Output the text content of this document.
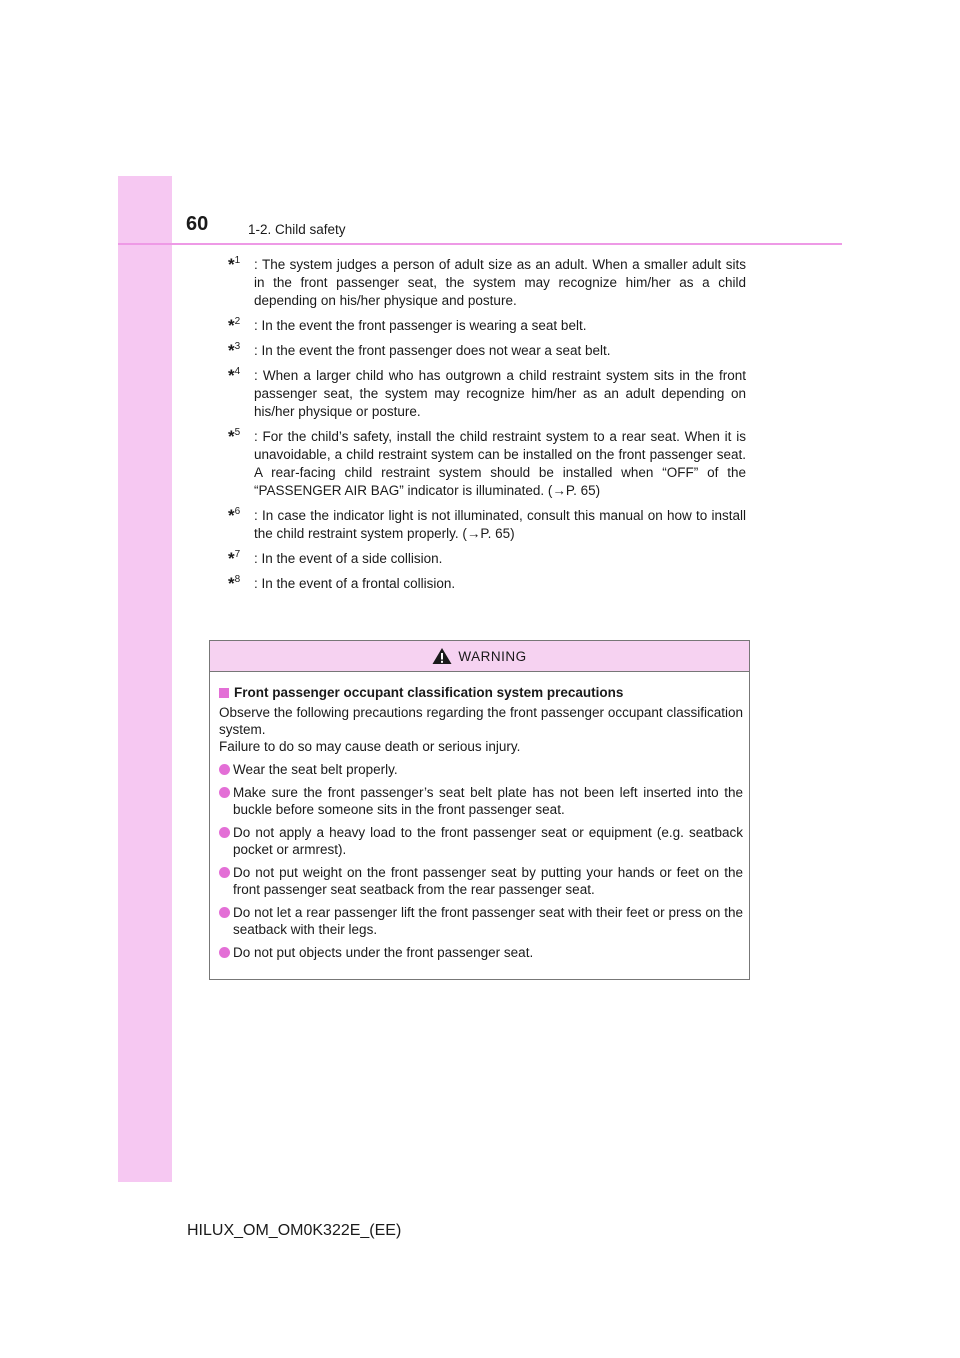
60	1-2. Child safety
*$^1$ : The system judges a person of adult size as an adult. When a smaller adult sits in the front passenger seat, the system may recognize him/her as a child depending on his/her physique and posture.
*$^2$ : In the event the front passenger is wearing a seat belt.
*$^3$ : In the event the front passenger does not wear a seat belt.
*$^4$ : When a larger child who has outgrown a child restraint system sits in the front passenger seat, the system may recognize him/her as an adult depending on his/her physique or posture.
*$^5$ : For the child’s safety, install the child restraint system to a rear seat. When it is unavoidable, a child restraint system can be installed on the front passenger seat. A rear-facing child restraint system should be installed when “OFF” of the “PASSENGER AIR BAG” indicator is illuminated. (→P. 65)
*$^6$ : In case the indicator light is not illuminated, consult this manual on how to install the child restraint system properly. (→P. 65)
*$^7$ : In the event of a side collision.
*$^8$ : In the event of a frontal collision.
WARNING
Front passenger occupant classification system precautions
Observe the following precautions regarding the front passenger occupant classification system.
Failure to do so may cause death or serious injury.
Wear the seat belt properly.
Make sure the front passenger’s seat belt plate has not been left inserted into the buckle before someone sits in the front passenger seat.
Do not apply a heavy load to the front passenger seat or equipment (e.g. seatback pocket or armrest).
Do not put weight on the front passenger seat by putting your hands or feet on the front passenger seat seatback from the rear passenger seat.
Do not let a rear passenger lift the front passenger seat with their feet or press on the seatback with their legs.
Do not put objects under the front passenger seat.
HILUX_OM_OM0K322E_(EE)
